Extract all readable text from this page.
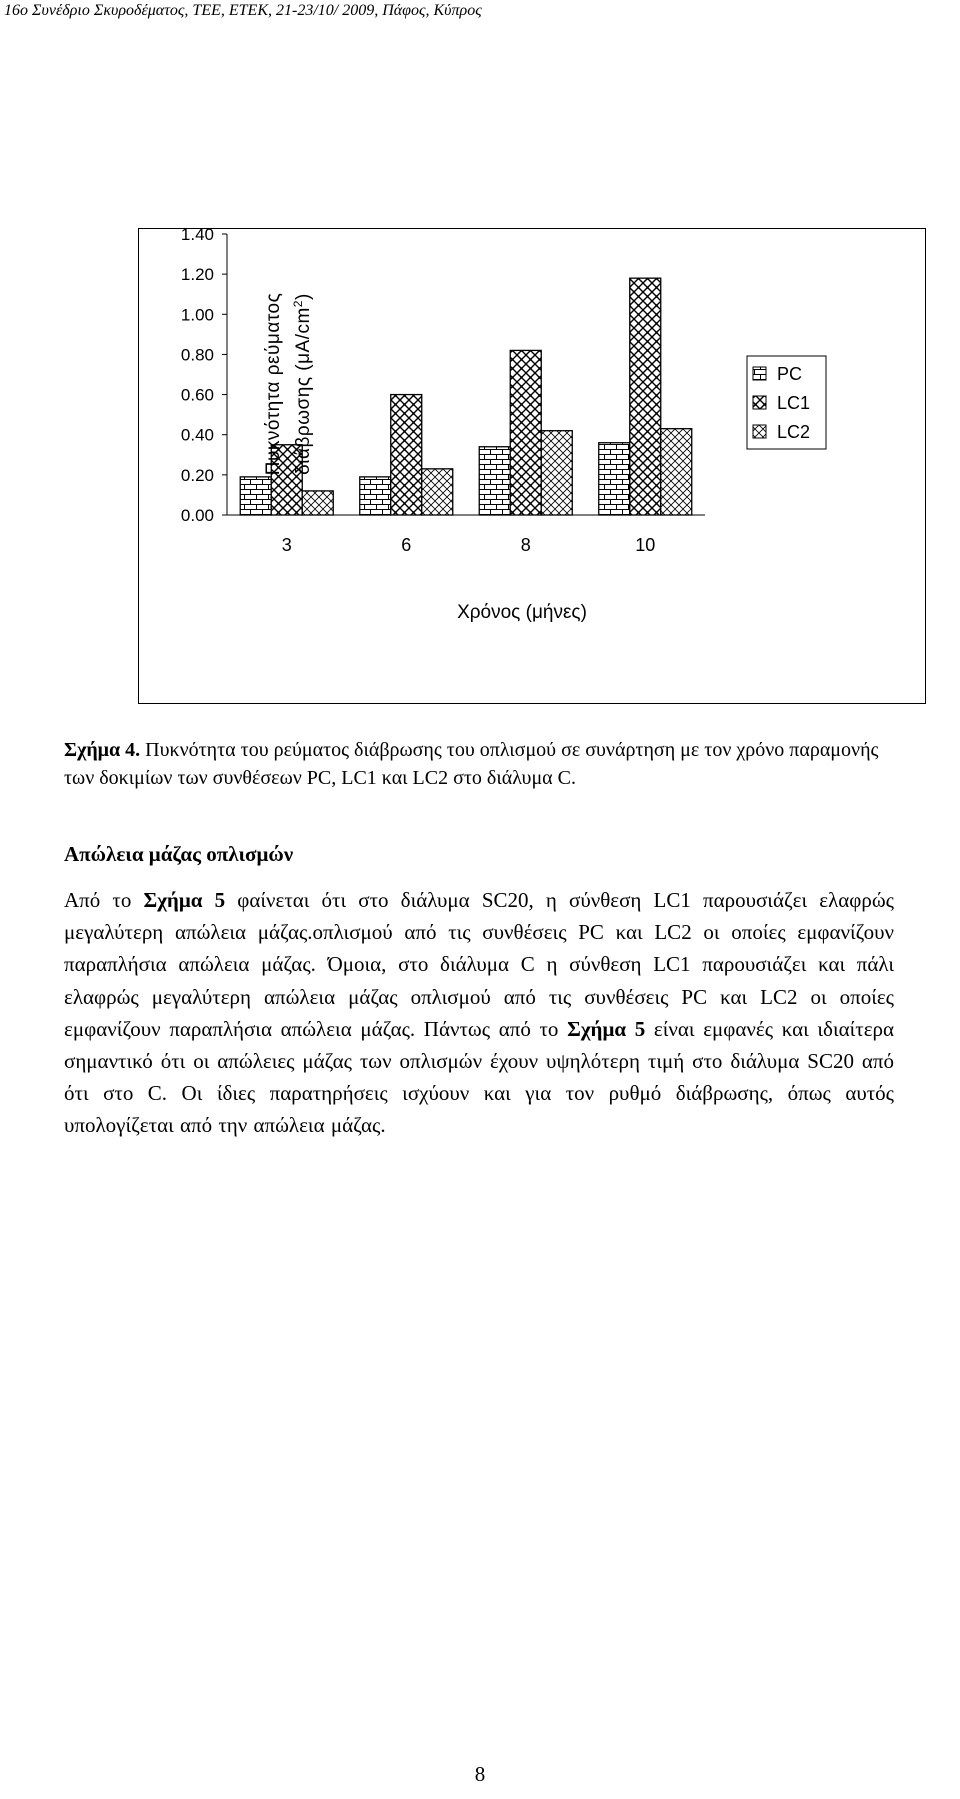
16ο Συνέδριο Σκυροδέματος, ΤΕΕ, ΕΤΕΚ, 21-23/10/ 2009, Πάφος, Κύπρος
0.00
0.20
0.40
0.60
0.80
1.00
1.20
1.40
3	6	8	10
Πυκνότητα ρεύματος διάβρωσης $(\mu A/cm^2)$
Χρόνος (μήνες)
PC
LC1
LC2
Σχήμα 4. Πυκνότητα του ρεύματος διάβρωσης του οπλισμού σε συνάρτηση με τον χρόνο παραμονής των δοκιμίων των συνθέσεων PC, LC1 και LC2 στο διάλυμα C.
Απώλεια μάζας οπλισμών
Από το Σχήμα 5 φαίνεται ότι στο διάλυμα SC20, η σύνθεση LC1 παρουσιάζει ελαφρώς μεγαλύτερη απώλεια μάζας.οπλισμού από τις συνθέσεις PC και LC2 οι οποίες εμφανίζουν παραπλήσια απώλεια μάζας. Όμοια, στο διάλυμα C η σύνθεση LC1 παρουσιάζει και πάλι ελαφρώς μεγαλύτερη απώλεια μάζας οπλισμού από τις συνθέσεις PC και LC2 οι οποίες εμφανίζουν παραπλήσια απώλεια μάζας. Πάντως από το Σχήμα 5 είναι εμφανές και ιδιαίτερα σημαντικό ότι οι απώλειες μάζας των οπλισμών έχουν υψηλότερη τιμή στο διάλυμα SC20 από ότι στο C. Οι ίδιες παρατηρήσεις ισχύουν και για τον ρυθμό διάβρωσης, όπως αυτός υπολογίζεται από την απώλεια μάζας.
8
